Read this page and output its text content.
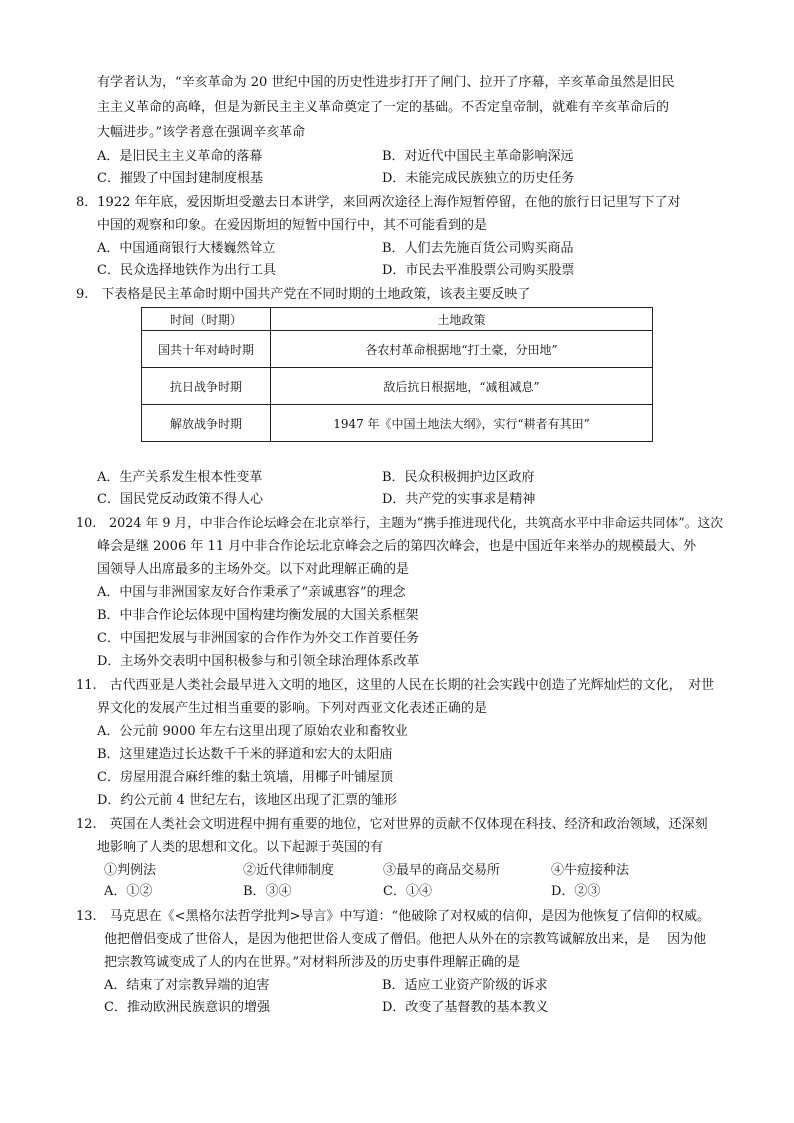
有学者认为，“辛亥革命为 20 世纪中国的历史性进步打开了闸门、拉开了序幕，辛亥革命虽然是旧民
主主义革命的高峰，但是为新民主主义革命奠定了一定的基础。不否定皇帝制，就难有辛亥革命后的
大幅进步。”该学者意在强调辛亥革命
A．是旧民主主义革命的落幕	B．对近代中国民主革命影响深远
C．摧毁了中国封建制度根基	D．未能完成民族独立的历史任务
8．1922 年年底，爱因斯坦受邀去日本讲学，来回两次途径上海作短暂停留，在他的旅行日记里写下了对
中国的观察和印象。在爱因斯坦的短暂中国行中，其不可能看到的是
A．中国通商银行大楼巍然耸立	B．人们去先施百货公司购买商品
C．民众选择地铁作为出行工具	D．市民去平准股票公司购买股票
9.　下表格是民主革命时期中国共产党在不同时期的土地政策，该表主要反映了
时间（时期）	土地政策
国共十年对峙时期	各农村革命根据地“打土豪，分田地”
抗日战争时期	敌后抗日根据地，“减租减息”
解放战争时期	1947 年《中国土地法大纲》，实行“耕者有其田”
A．生产关系发生根本性变革	B．民众积极拥护边区政府
C．国民党反动政策不得人心	D．共产党的实事求是精神
10.　2024 年 9 月，中非合作论坛峰会在北京举行，主题为“携手推进现代化，共筑高水平中非命运共同体”。这次
峰会是继 2006 年 11 月中非合作论坛北京峰会之后的第四次峰会，也是中国近年来举办的规模最大、外
国领导人出席最多的主场外交。以下对此理解正确的是
A．中国与非洲国家友好合作秉承了“亲诚惠容”的理念
B．中非合作论坛体现中国构建均衡发展的大国关系框架
C．中国把发展与非洲国家的合作作为外交工作首要任务
D．主场外交表明中国积极参与和引领全球治理体系改革
11.　古代西亚是人类社会最早进入文明的地区，这里的人民在长期的社会实践中创造了光辉灿烂的文化，　对世
界文化的发展产生过相当重要的影响。下列对西亚文化表述正确的是
A．公元前 9000 年左右这里出现了原始农业和畜牧业
B．这里建造过长达数千千米的驿道和宏大的太阳庙
C．房屋用混合麻纤维的黏土筑墙，用椰子叶铺屋顶
D．约公元前 4 世纪左右，该地区出现了汇票的雏形
12.　英国在人类社会文明进程中拥有重要的地位，它对世界的贡献不仅体现在科技、经济和政治领域，还深刻
地影响了人类的思想和文化。以下起源于英国的有
①判例法	②近代律师制度	③最早的商品交易所	④牛痘接种法
A．①②	B．③④	C．①④	D．②③
13.　马克思在《<黑格尔法哲学批判>导言》中写道：“他破除了对权威的信仰，是因为他恢复了信仰的权威。
他把僧侣变成了世俗人，是因为他把世俗人变成了僧侣。他把人从外在的宗教笃诚解放出来，是　 因为他
把宗教笃诚变成了人的内在世界。”对材料所涉及的历史事件理解正确的是
A．结束了对宗教异端的迫害	B．适应工业资产阶级的诉求
C．推动欧洲民族意识的增强	D．改变了基督教的基本教义
